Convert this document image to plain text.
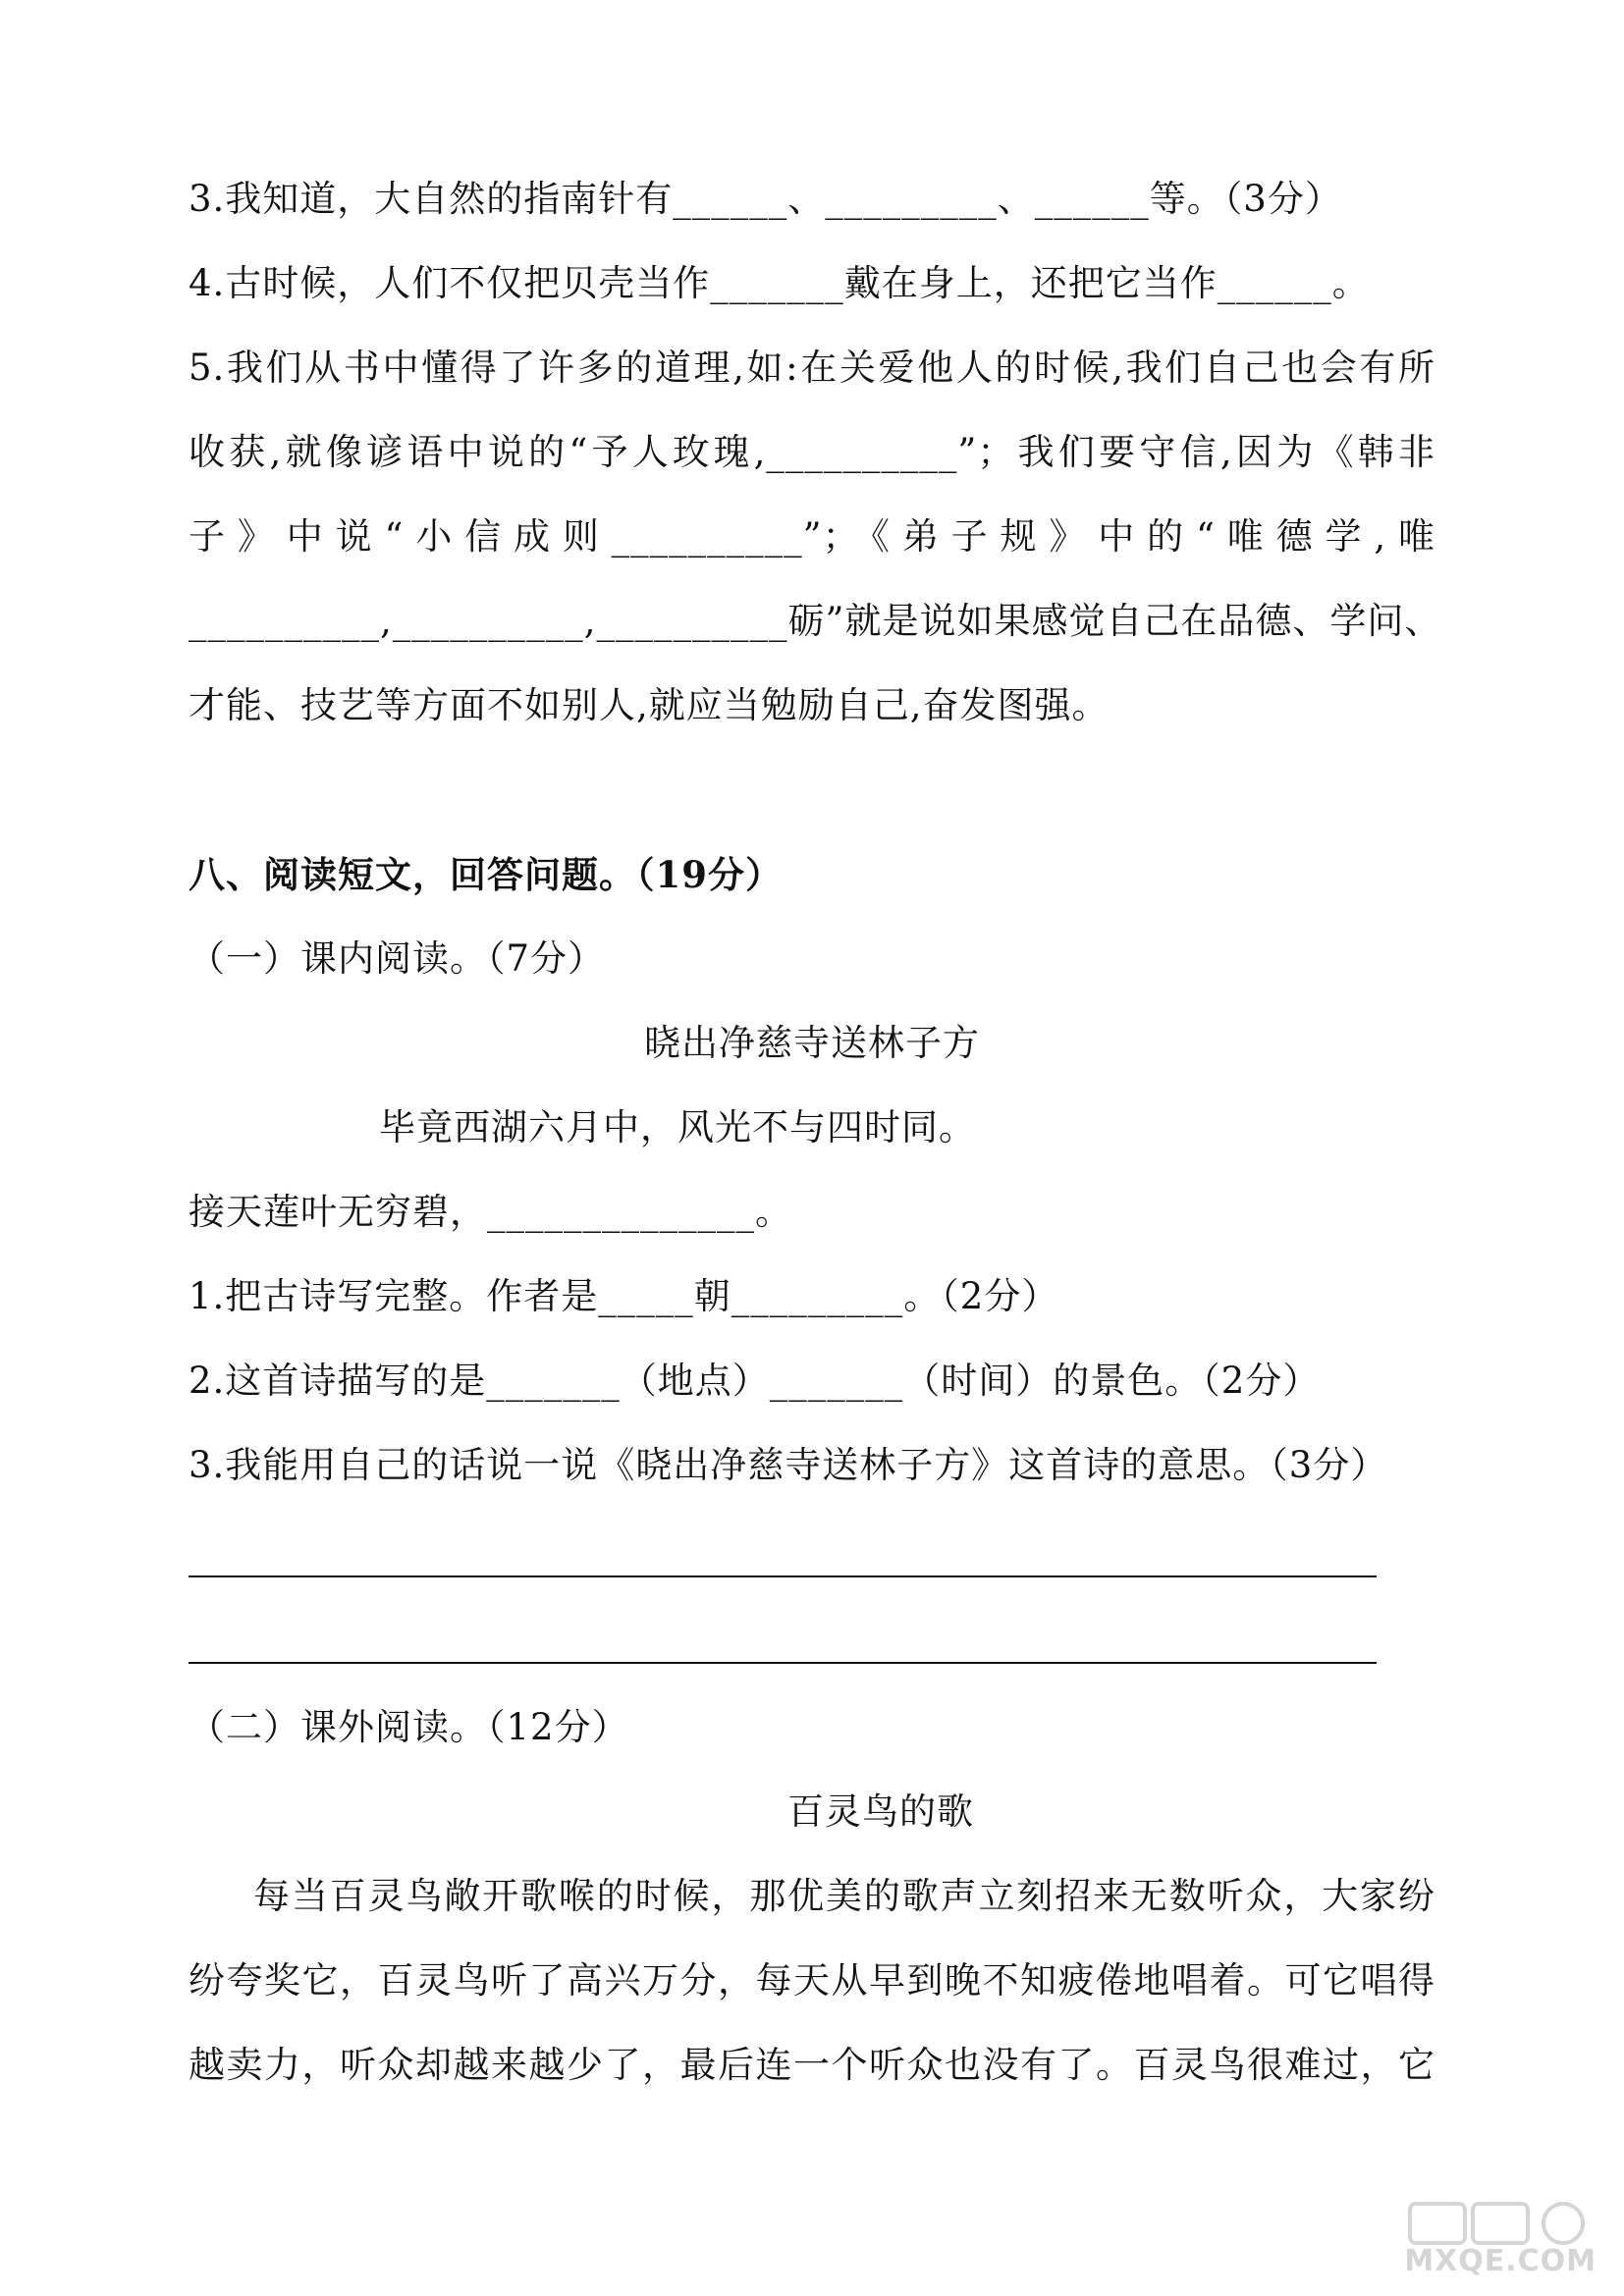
3.我知道，大自然的指南针有______、_________、______等。（3分）
4.古时候，人们不仅把贝壳当作_______戴在身上，还把它当作______。
5.我们从书中懂得了许多的道理,如:在关爱他人的时候,我们自己也会有所
收获,就像谚语中说的“予人玫瑰,__________”；我们要守信,因为《韩非
子》中说“小信成则__________”；《弟子规》中的“唯德学,唯
__________,__________,__________砺”就是说如果感觉自己在品德、学问、
才能、技艺等方面不如别人,就应当勉励自己,奋发图强。
八、阅读短文，回答问题。（19分）
（一）课内阅读。（7分）
晓出净慈寺送林子方
毕竟西湖六月中，风光不与四时同。
接天莲叶无穷碧，______________。
1.把古诗写完整。作者是_____朝_________。（2分）
2.这首诗描写的是_______（地点）_______（时间）的景色。（2分）
3.我能用自己的话说一说《晓出净慈寺送林子方》这首诗的意思。（3分）
（二）课外阅读。（12分）
百灵鸟的歌
每当百灵鸟敞开歌喉的时候，那优美的歌声立刻招来无数听众，大家纷
纷夸奖它，百灵鸟听了高兴万分，每天从早到晚不知疲倦地唱着。可它唱得
越卖力，听众却越来越少了，最后连一个听众也没有了。百灵鸟很难过，它
MXQE.COM
